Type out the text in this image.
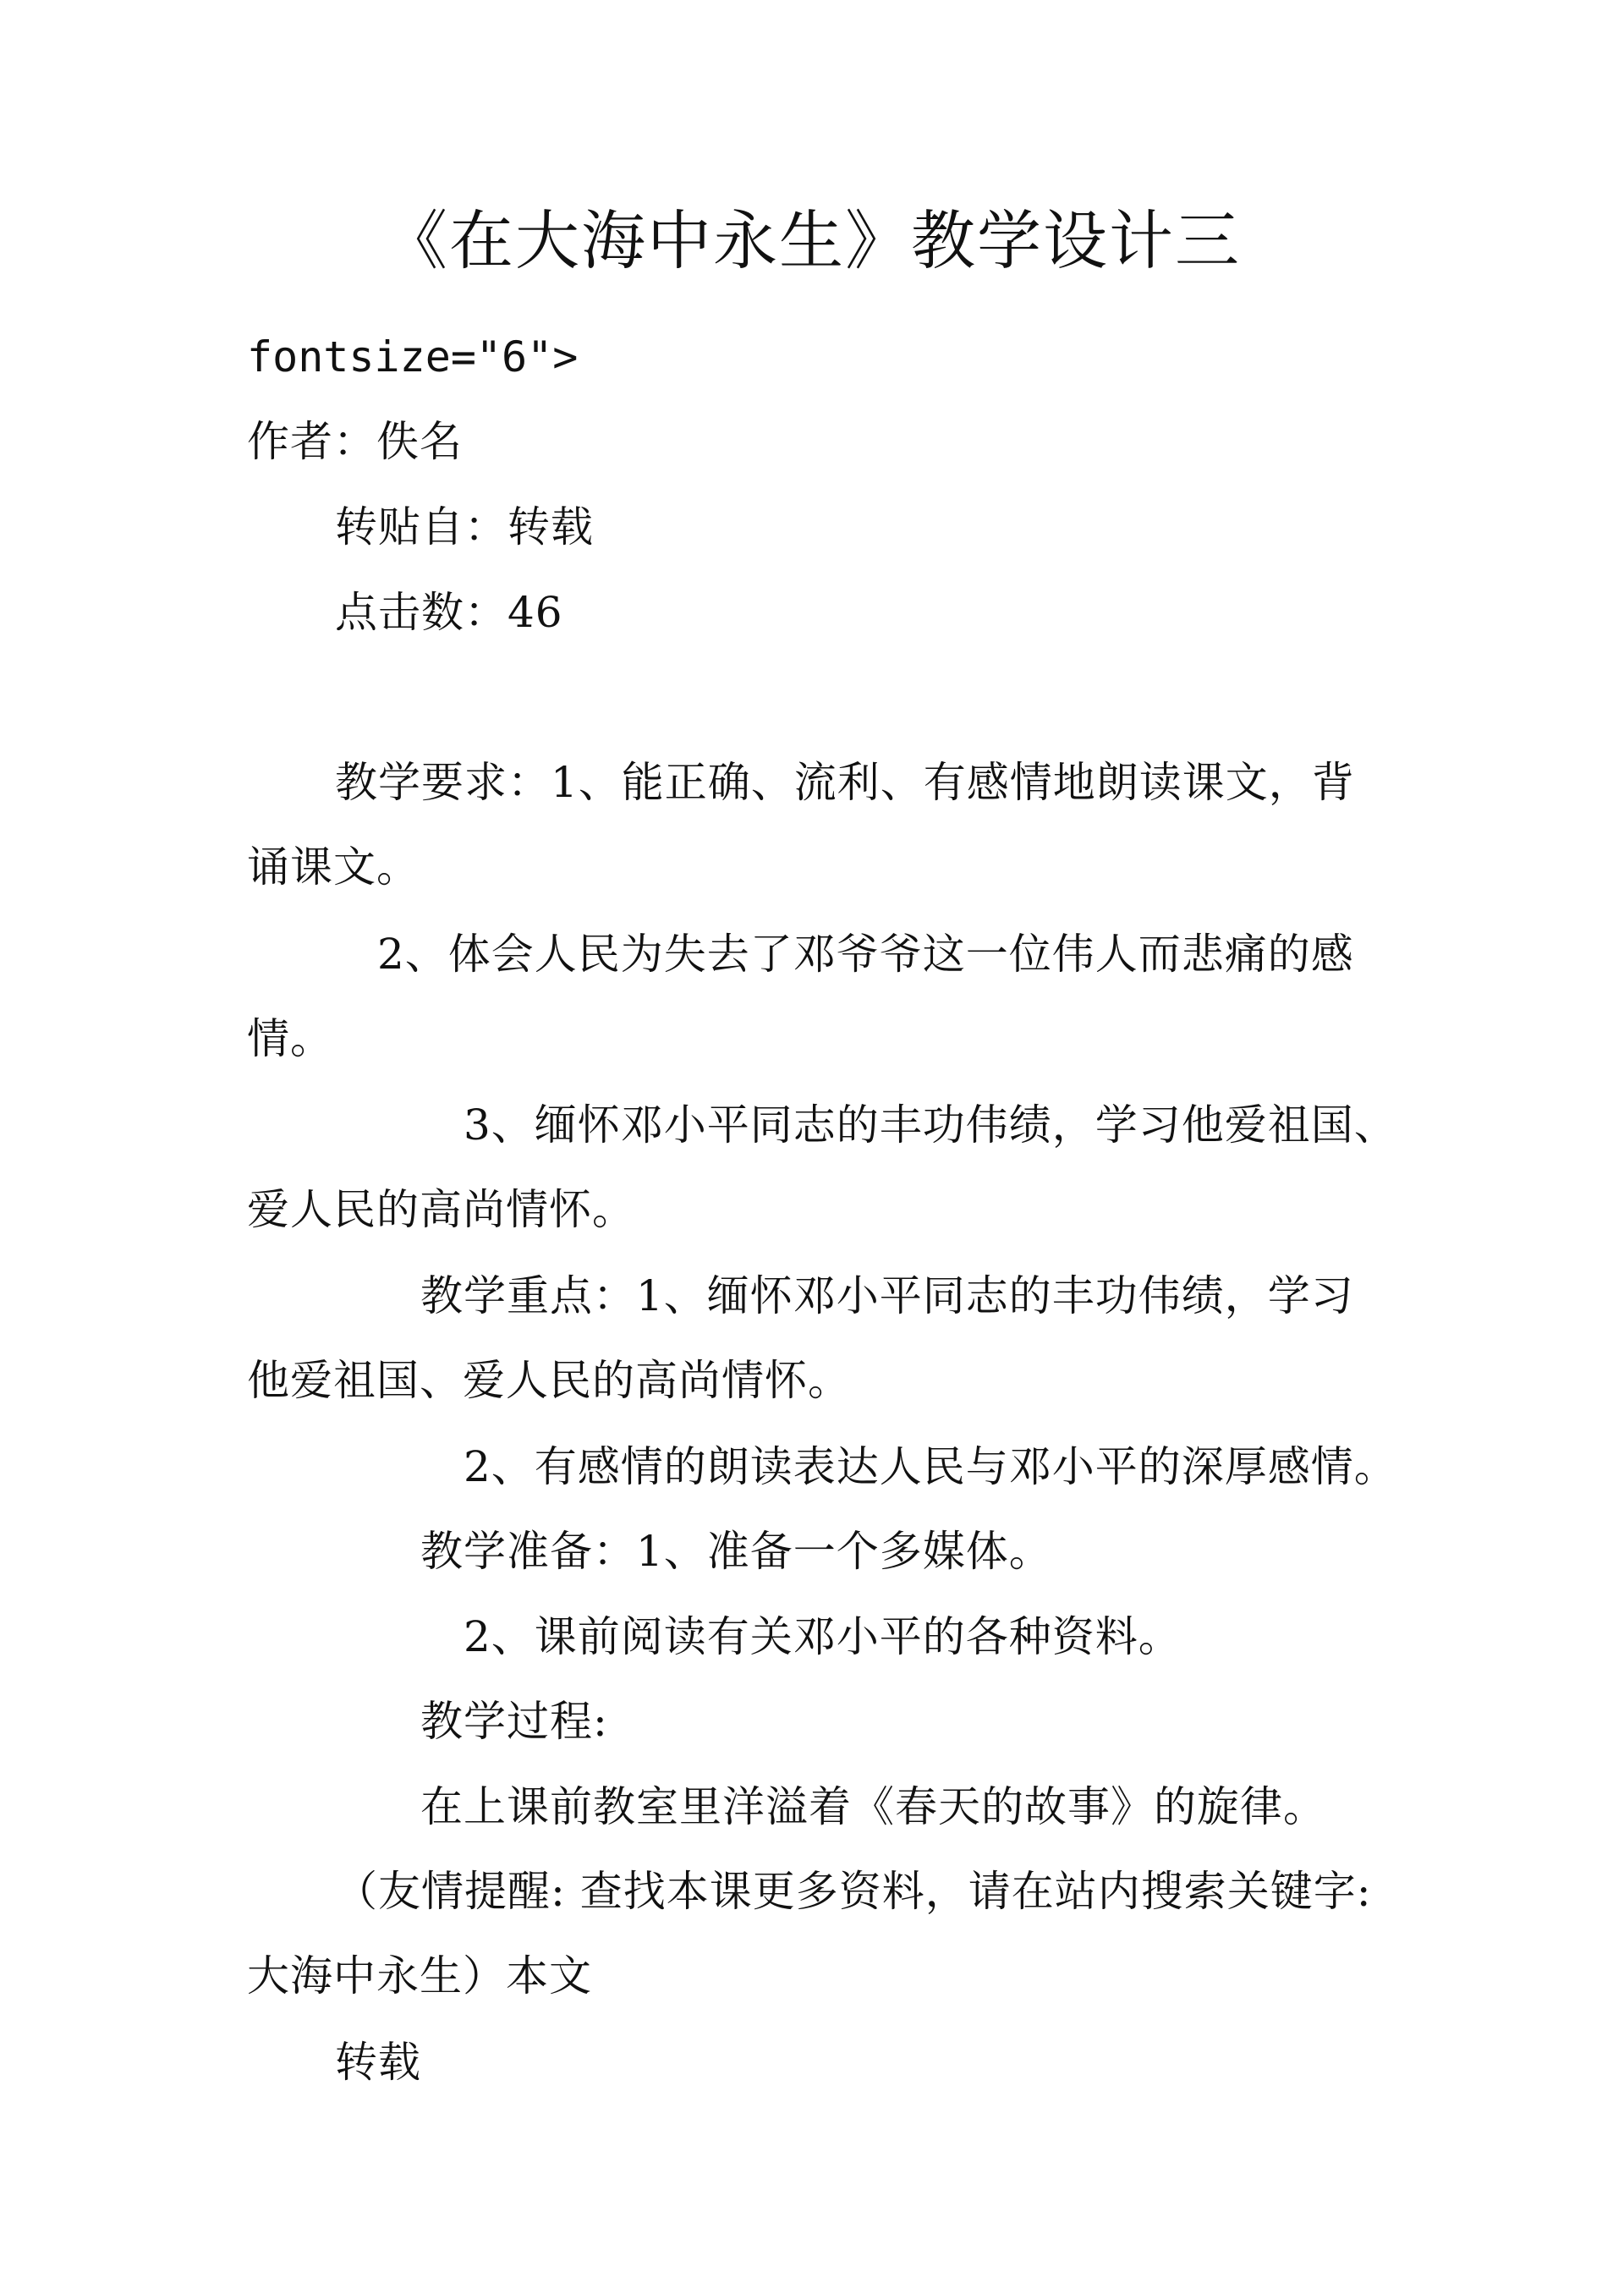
《在大海中永生》教学设计三
fontsize="6">
作者：佚名
转贴自：转载
点击数：46
教学要求：1、能正确、流利、有感情地朗读课文，背
诵课文。
2、体会人民为失去了邓爷爷这一位伟人而悲痛的感
情。
3、缅怀邓小平同志的丰功伟绩，学习他爱祖国、
爱人民的高尚情怀。
教学重点：1、缅怀邓小平同志的丰功伟绩，学习
他爱祖国、爱人民的高尚情怀。
2、有感情的朗读表达人民与邓小平的深厚感情。
教学准备：1、准备一个多媒体。
2、课前阅读有关邓小平的各种资料。
教学过程:
在上课前教室里洋溢着《春天的故事》的旋律。
（友情提醒: 查找本课更多资料，请在站内搜索关键字:
大海中永生）本文
转载
